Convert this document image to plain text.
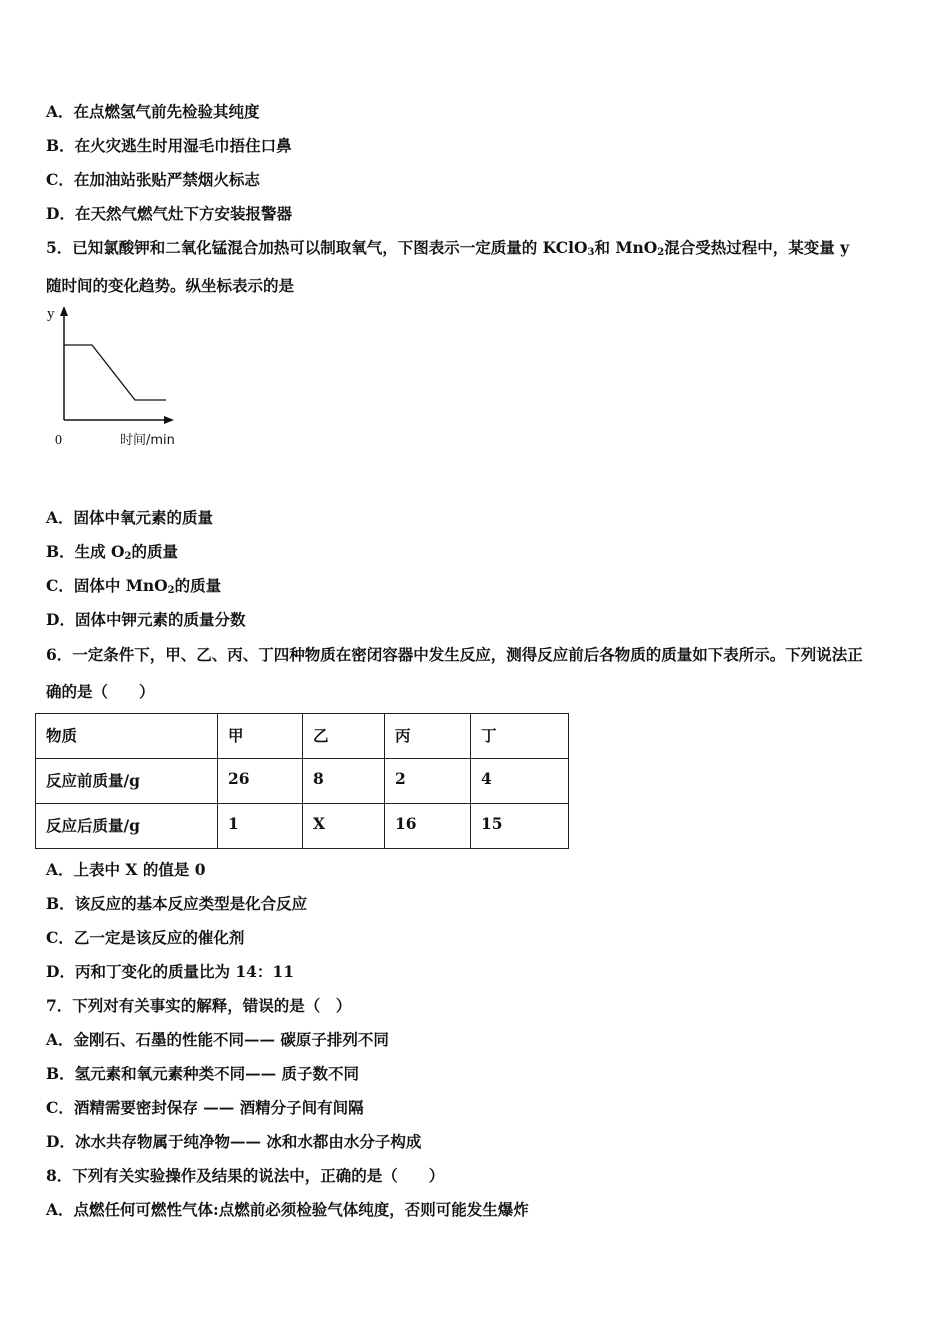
A．在点燃氢气前先检验其纯度
B．在火灾逃生时用湿毛巾捂住口鼻
C．在加油站张贴严禁烟火标志
D．在天然气燃气灶下方安装报警器
5．已知氯酸钾和二氧化锰混合加热可以制取氧气，下图表示一定质量的 KClO$_3$和 MnO$_2$混合受热过程中，某变量 y
随时间的变化趋势。纵坐标表示的是
y
0	时间/min
A．固体中氧元素的质量
B．生成 $O_2$的质量
C．固体中 MnO$_2$的质量
D．固体中钾元素的质量分数
6．一定条件下，甲、乙、丙、丁四种物质在密闭容器中发生反应，测得反应前后各物质的质量如下表所示。下列说法正
确的是（　　）
物质	甲	乙	丙	丁
反应前质量/g	26	8	2	4
反应后质量/g	1	X	16	15
A．上表中 X 的值是 0
B．该反应的基本反应类型是化合反应
C．乙一定是该反应的催化剂
D．丙和丁变化的质量比为 14：11
7．下列对有关事实的解释，错误的是（　）
A．金刚石、石墨的性能不同—— 碳原子排列不同
B．氢元素和氧元素种类不同—— 质子数不同
C．酒精需要密封保存 —— 酒精分子间有间隔
D．冰水共存物属于纯净物—— 冰和水都由水分子构成
8．下列有关实验操作及结果的说法中，正确的是（　　）
A．点燃任何可燃性气体:点燃前必须检验气体纯度，否则可能发生爆炸
